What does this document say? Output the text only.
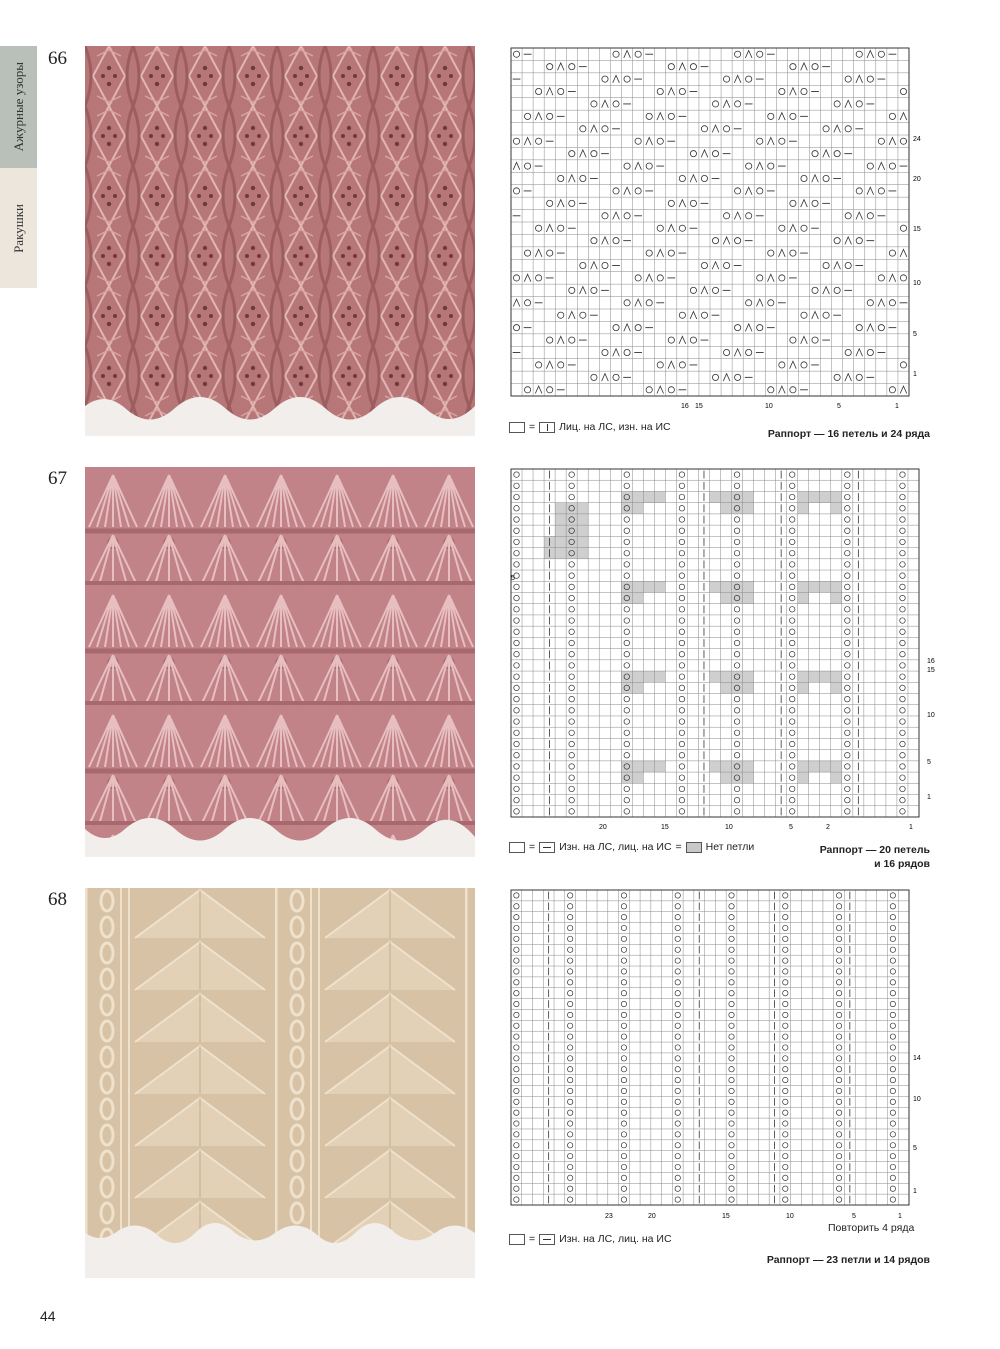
Ажурные узоры
Ракушки
66
1
5
10
15
20
24
16 15	10	5	1
= Лиц. на ЛС, изн. на ИС
Раппорт — 16 петель и 24 ряда
67
1
5
10
15
16
5
20	15	10	5	2	1
= Изн. на ЛС, лиц. на ИС = Нет петли	Раппорт — 20 петель
и 16 рядов
68
1
5
10
14
23	20	15	10	5	1
Повторить 4 ряда
= Изн. на ЛС, лиц. на ИС
Раппорт — 23 петли и 14 рядов
44
